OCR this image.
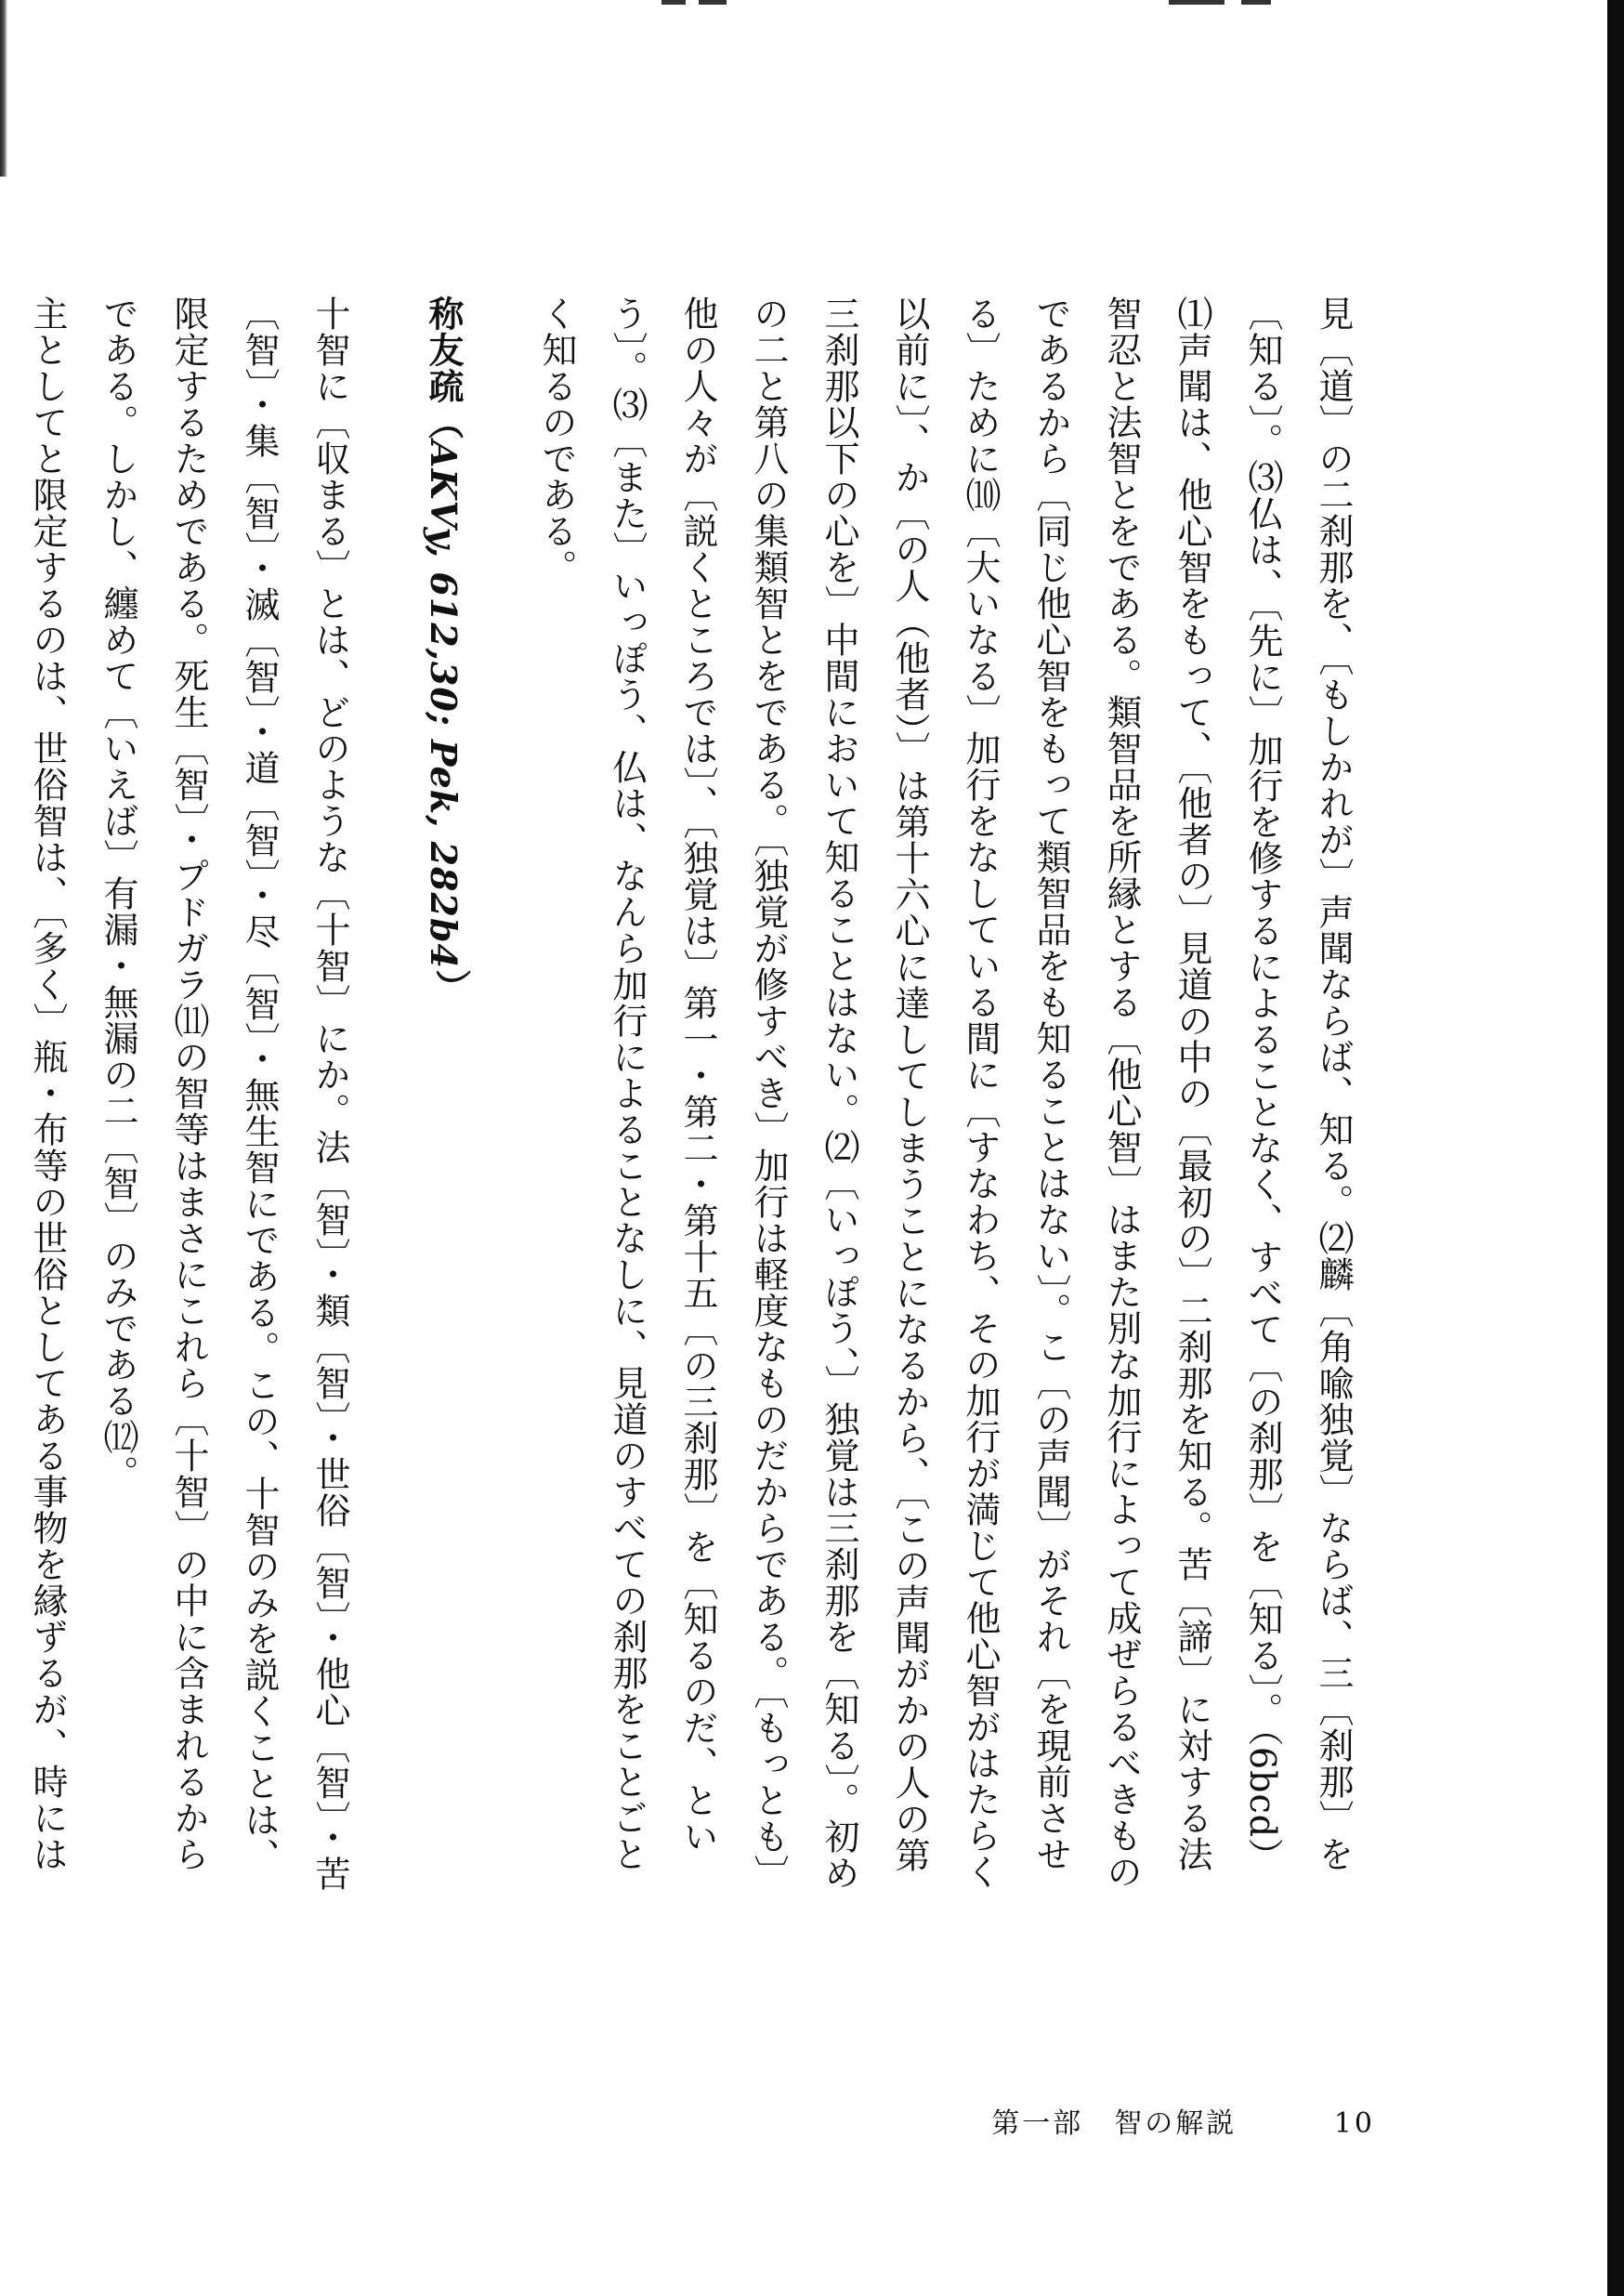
見〔道〕の二刹那を、〔もしかれが〕声聞ならば、知る。⑵麟〔角喩独覚〕ならば、三〔刹那〕を〔知る〕。⑶仏は、〔先に〕加行を修するによることなく、すべて〔の刹那〕を〔知る〕。（6bcd）

⑴声聞は、他心智をもって、〔他者の〕見道の中の〔最初の〕二刹那を知る。苦〔諦〕に対する法智忍と法智とをである。類智品を所縁とする〔他心智〕はまた別な加行によって成ぜらるべきものであるから〔同じ他心智をもって類智品をも知ることはない〕。こ〔の声聞〕がそれ〔を現前させる〕ために⑽〔大いなる〕加行をなしている間に〔すなわち、その加行が満じて他心智がはたらく以前に〕、か〔の人（他者）〕は第十六心に達してしまうことになるから、〔この声聞がかの人の第三刹那以下の心を〕中間において知ることはない。⑵〔いっぽう、〕独覚は三刹那を〔知る〕。初めの二と第八の集類智とをである。〔独覚が修すべき〕加行は軽度なものだからである。〔もっとも〕他の人々が〔説くところでは〕、〔独覚は〕第一・第二・第十五〔の三刹那〕を〔知るのだ、という〕。⑶〔また〕いっぽう、仏は、なんら加行によることなしに、見道のすべての刹那をことごとく知るのである。

称友疏（AKVy, 612,30; Pek, 282b4）

十智に〔収まる〕とは、どのような〔十智〕にか。法〔智〕・類〔智〕・世俗〔智〕・他心〔智〕・苦〔智〕・集〔智〕・滅〔智〕・道〔智〕・尽〔智〕・無生智にである。この、十智のみを説くことは、限定するためである。死生〔智〕・プドガラ⑾の智等はまさにこれら〔十智〕の中に含まれるからである。しかし、纏めて〔いえば〕有漏・無漏の二〔智〕のみである⑿。

主としてと限定するのは、世俗智は、〔多く〕瓶・布等の世俗としてある事物を縁ずるが、時には

第一部　智の解説	10
